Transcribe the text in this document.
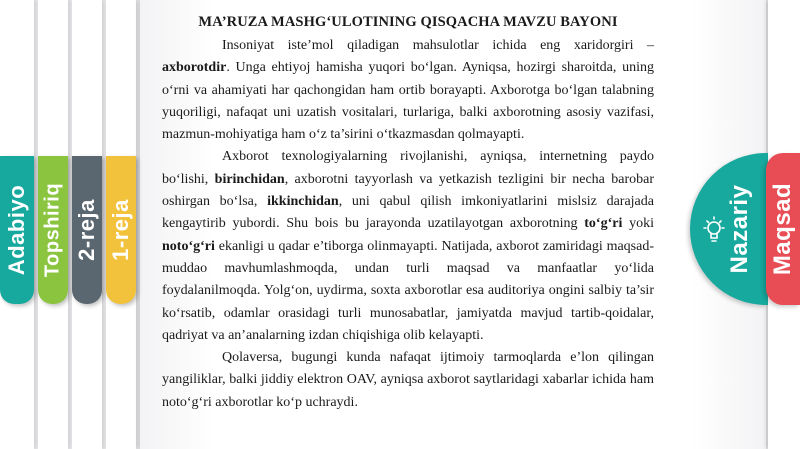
Adabiyo Topshiriq 2-reja 1-reja	Nazariy Maqsad
MA’RUZA MASHG‘ULOTINING QISQACHA MAVZU BAYONI

Insoniyat iste’mol qiladigan mahsulotlar ichida eng xaridorgiri – axborotdir. Unga ehtiyoj hamisha yuqori bo‘lgan. Ayniqsa, hozirgi sharoitda, uning o‘rni va ahamiyati har qachongidan ham ortib borayapti. Axborotga bo‘lgan talabning yuqoriligi, nafaqat uni uzatish vositalari, turlariga, balki axborotning asosiy vazifasi, mazmun-mohiyatiga ham o‘z ta’sirini o‘tkazmasdan qolmayapti.

Axborot texnologiyalarning rivojlanishi, ayniqsa, internetning paydo bo‘lishi, birinchidan, axborotni tayyorlash va yetkazish tezligini bir necha barobar oshirgan bo‘lsa, ikkinchidan, uni qabul qilish imkoniyatlarini mislsiz darajada kengaytirib yubordi. Shu bois bu jarayonda uzatilayotgan axborotning to‘g‘ri yoki noto‘g‘ri ekanligi u qadar e’tiborga olinmayapti. Natijada, axborot zamiridagi maqsad-muddao mavhumlashmoqda, undan turli maqsad va manfaatlar yo‘lida foydalanilmoqda. Yolg‘on, uydirma, soxta axborotlar esa auditoriya ongini salbiy ta’sir ko‘rsatib, odamlar orasidagi turli munosabatlar, jamiyatda mavjud tartib-qoidalar, qadriyat va an’analarning izdan chiqishiga olib kelayapti.

Qolaversa, bugungi kunda nafaqat ijtimoiy tarmoqlarda e’lon qilingan yangiliklar, balki jiddiy elektron OAV, ayniqsa axborot saytlaridagi xabarlar ichida ham noto‘g‘ri axborotlar ko‘p uchraydi.
